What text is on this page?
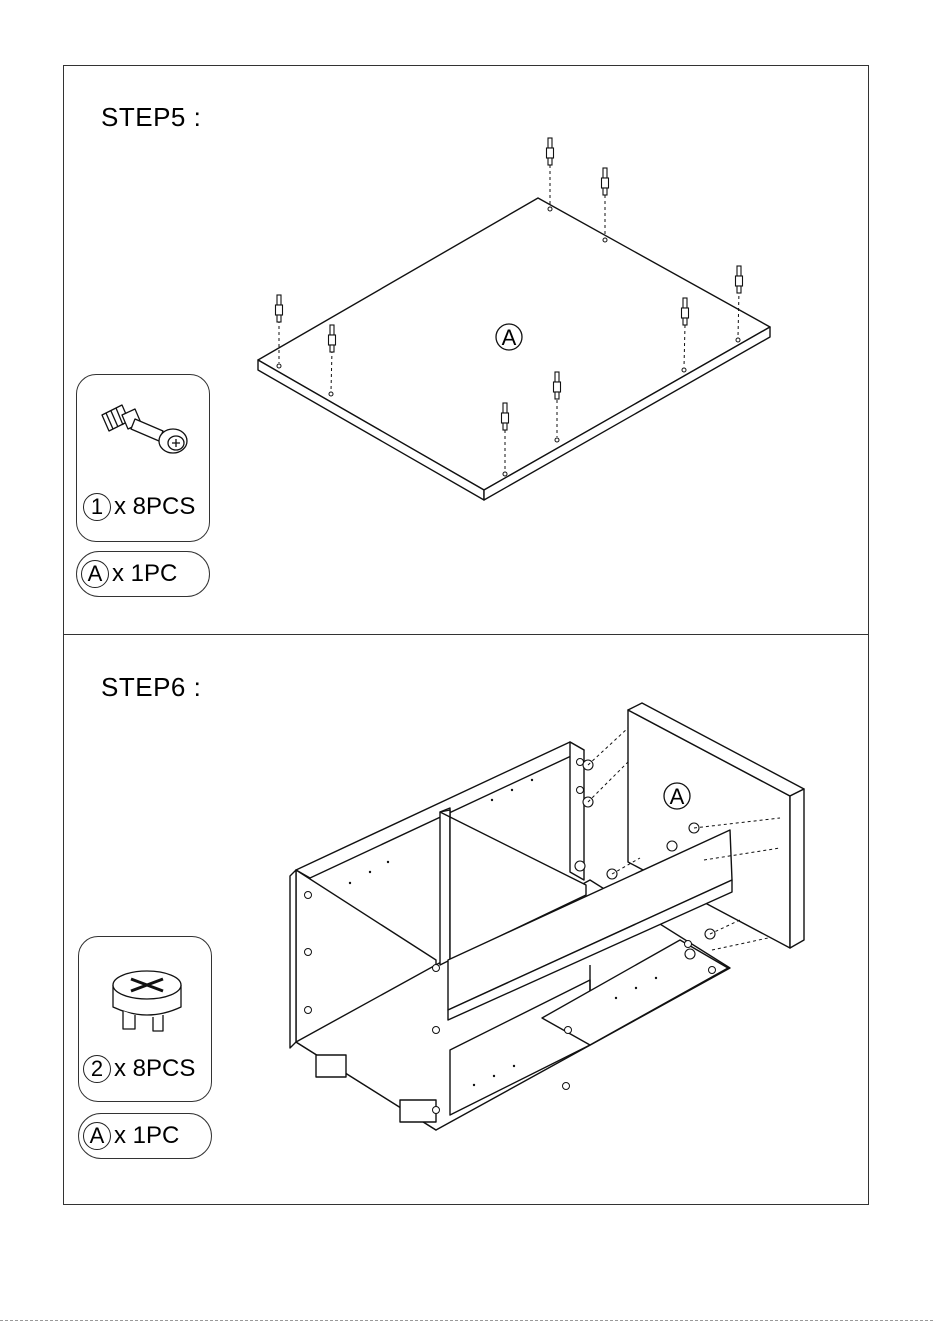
STEP5 :
A
1 x 8PCS
A x 1PC
STEP6 :
A
2 x 8PCS
A x 1PC
